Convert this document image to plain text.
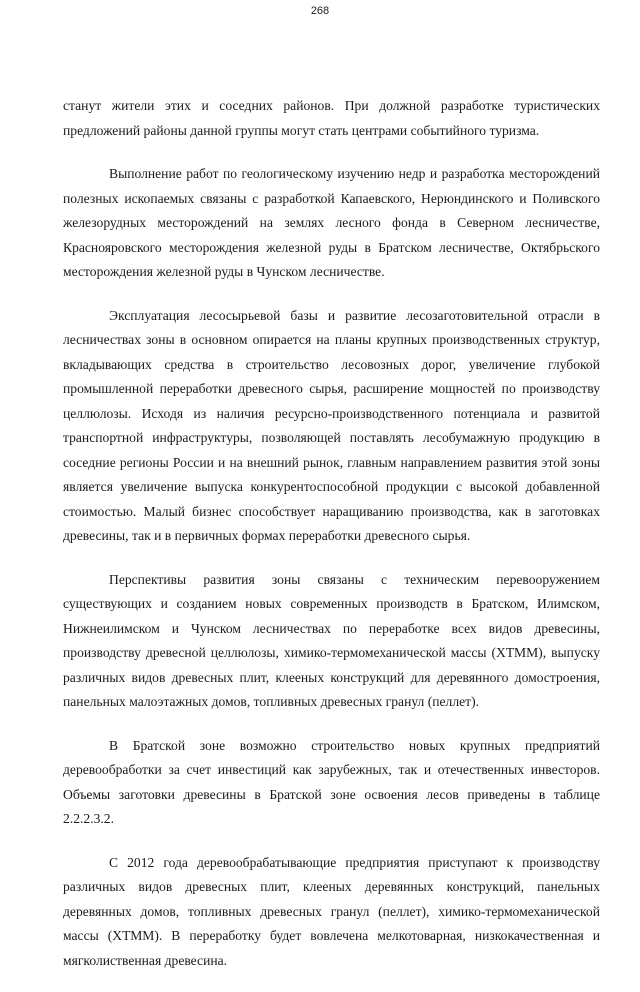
268

станут жители этих и соседних районов. При должной разработке туристических предложений районы данной группы могут стать центрами событийного туризма.

Выполнение работ по геологическому изучению недр и разработка месторождений полезных ископаемых связаны с разработкой Капаевского, Нерюндинского и Поливского железорудных месторождений на землях лесного фонда в Северном лесничестве, Краснояровского месторождения железной руды в Братском лесничестве, Октябрьского месторождения железной руды в Чунском лесничестве.

Эксплуатация лесосырьевой базы и развитие лесозаготовительной отрасли в лесничествах зоны в основном опирается на планы крупных производственных структур, вкладывающих средства в строительство лесовозных дорог, увеличение глубокой промышленной переработки древесного сырья, расширение мощностей по производству целлюлозы. Исходя из наличия ресурсно-производственного потенциала и развитой транспортной инфраструктуры, позволяющей поставлять лесобумажную продукцию в соседние регионы России и на внешний рынок, главным направлением развития этой зоны является увеличение выпуска конкурентоспособной продукции с высокой добавленной стоимостью. Малый бизнес способствует наращиванию производства, как в заготовках древесины, так и в первичных формах переработки древесного сырья.

Перспективы развития зоны связаны с техническим перевооружением существующих и созданием новых современных производств в Братском, Илимском, Нижнеилимском и Чунском лесничествах по переработке всех видов древесины, производству древесной целлюлозы, химико-термомеханической массы (ХТММ), выпуску различных видов древесных плит, клееных конструкций для деревянного домостроения, панельных малоэтажных домов, топливных древесных гранул (пеллет).

В Братской зоне возможно строительство новых крупных предприятий деревообработки за счет инвестиций как зарубежных, так и отечественных инвесторов. Объемы заготовки древесины в Братской зоне освоения лесов приведены в таблице 2.2.2.3.2.

С 2012 года деревообрабатывающие предприятия приступают к производству различных видов древесных плит, клееных деревянных конструкций, панельных деревянных домов, топливных древесных гранул (пеллет), химико-термомеханической массы (ХТММ). В переработку будет вовлечена мелкотоварная, низкокачественная и мягколиственная древесина.
